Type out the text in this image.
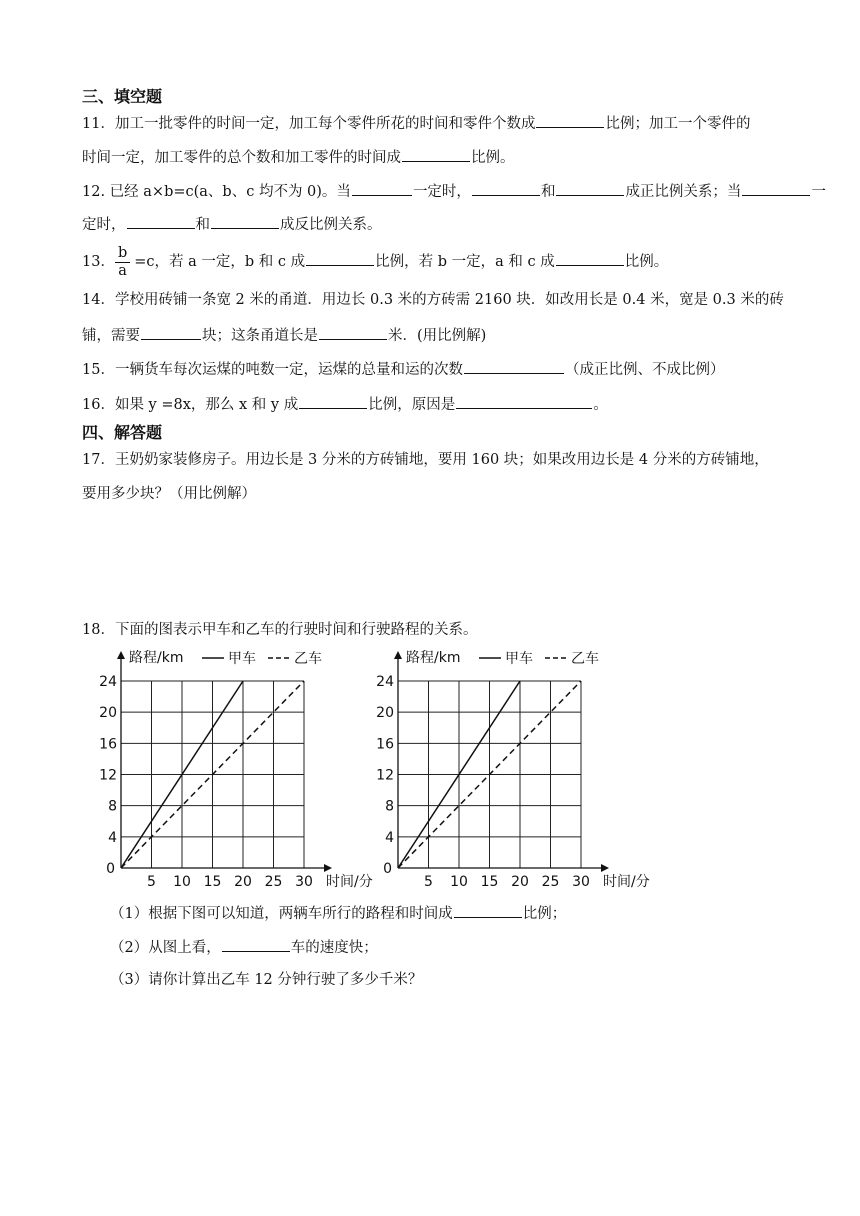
三、填空题
11．加工一批零件的时间一定，加工每个零件所花的时间和零件个数成	比例；加工一个零件的
时间一定，加工零件的总个数和加工零件的时间成	比例。
12. 已经 a×b=c(a、b、c 均不为 0)。当	一定时，	和	成正比例关系；当	一
定时，	和	成反比例关系。
13． $\frac{b}{a} =c$，若 a 一定，b 和 c 成	比例，若 b 一定，a 和 c 成	比例。
14．学校用砖铺一条宽 2 米的甬道．用边长 0.3 米的方砖需 2160 块．如改用长是 0.4 米，宽是 0.3 米的砖
铺，需要	块；这条甬道长是	米．(用比例解)
15．一辆货车每次运煤的吨数一定，运煤的总量和运的次数	（成正比例、不成比例）
16．如果 y =8x，那么 x 和 y 成	比例，原因是	。
四、解答题
17．王奶奶家装修房子。用边长是 3 分米的方砖铺地，要用 160 块；如果改用边长是 4 分米的方砖铺地，
要用多少块？（用比例解）
18．下面的图表示甲车和乙车的行驶时间和行驶路程的关系。
5 10 15 20 25 30
0
4
8
12
16
20
24
路程/km
时间/分
甲车	乙车
5 10 15 20 25 30
0
4
8
12
16
20
24
路程/km
时间/分
甲车	乙车
（1）根据下图可以知道，两辆车所行的路程和时间成	比例；
（2）从图上看，	车的速度快；
（3）请你计算出乙车 12 分钟行驶了多少千米？
